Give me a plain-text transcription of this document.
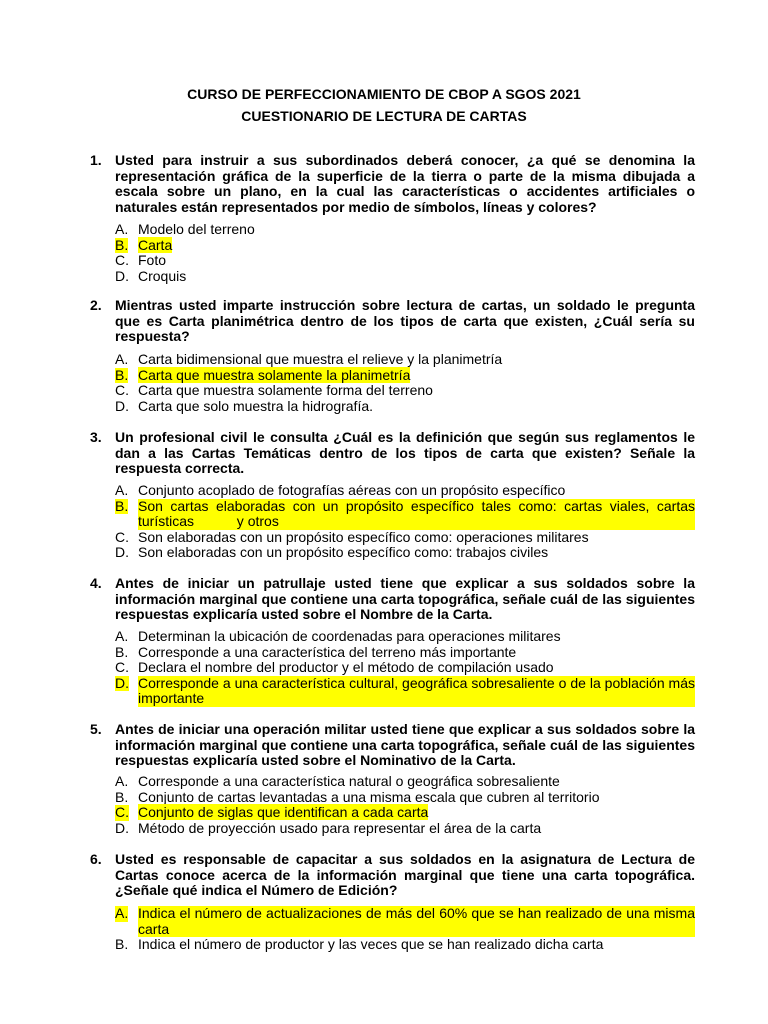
CURSO DE PERFECCIONAMIENTO DE CBOP A SGOS 2021
CUESTIONARIO DE LECTURA DE CARTAS
1. Usted para instruir a sus subordinados deberá conocer, ¿a qué se denomina la representación gráfica de la superficie de la tierra o parte de la misma dibujada a escala sobre un plano, en la cual las características o accidentes artificiales o naturales están representados por medio de símbolos, líneas y colores?
A. Modelo del terreno
B. Carta
C. Foto
D. Croquis
2. Mientras usted imparte instrucción sobre lectura de cartas, un soldado le pregunta que es Carta planimétrica dentro de los tipos de carta que existen, ¿Cuál sería su respuesta?
A. Carta bidimensional que muestra el relieve y la planimetría
B. Carta que muestra solamente la planimetría
C. Carta que muestra solamente forma del terreno
D. Carta que solo muestra la hidrografía.
3. Un profesional civil le consulta ¿Cuál es la definición que según sus reglamentos le dan a las Cartas Temáticas dentro de los tipos de carta que existen? Señale la respuesta correcta.
A. Conjunto acoplado de fotografías aéreas con un propósito específico
B. Son cartas elaboradas con un propósito específico tales como: cartas viales, cartas turísticas           y otros
C. Son elaboradas con un propósito específico como: operaciones militares
D. Son elaboradas con un propósito específico como: trabajos civiles
4. Antes de iniciar un patrullaje usted tiene que explicar a sus soldados sobre la información marginal que contiene una carta topográfica, señale cuál de las siguientes respuestas explicaría usted sobre el Nombre de la Carta.
A. Determinan la ubicación de coordenadas para operaciones militares
B. Corresponde a una característica del terreno más importante
C. Declara el nombre del productor y el método de compilación usado
D. Corresponde a una característica cultural, geográfica sobresaliente o de la población más importante
5. Antes de iniciar una operación militar usted tiene que explicar a sus soldados sobre la información marginal que contiene una carta topográfica, señale cuál de las siguientes respuestas explicaría usted sobre el Nominativo de la Carta.
A. Corresponde a una característica natural o geográfica sobresaliente
B. Conjunto de cartas levantadas a una misma escala que cubren al territorio
C. Conjunto de siglas que identifican a cada carta
D. Método de proyección usado para representar el área de la carta
6. Usted es responsable de capacitar a sus soldados en la asignatura de Lectura de Cartas conoce acerca de la información marginal que tiene una carta topográfica. ¿Señale qué indica el Número de Edición?
A. Indica el número de actualizaciones de más del 60% que se han realizado de una misma carta
B. Indica el número de productor y las veces que se han realizado dicha carta
